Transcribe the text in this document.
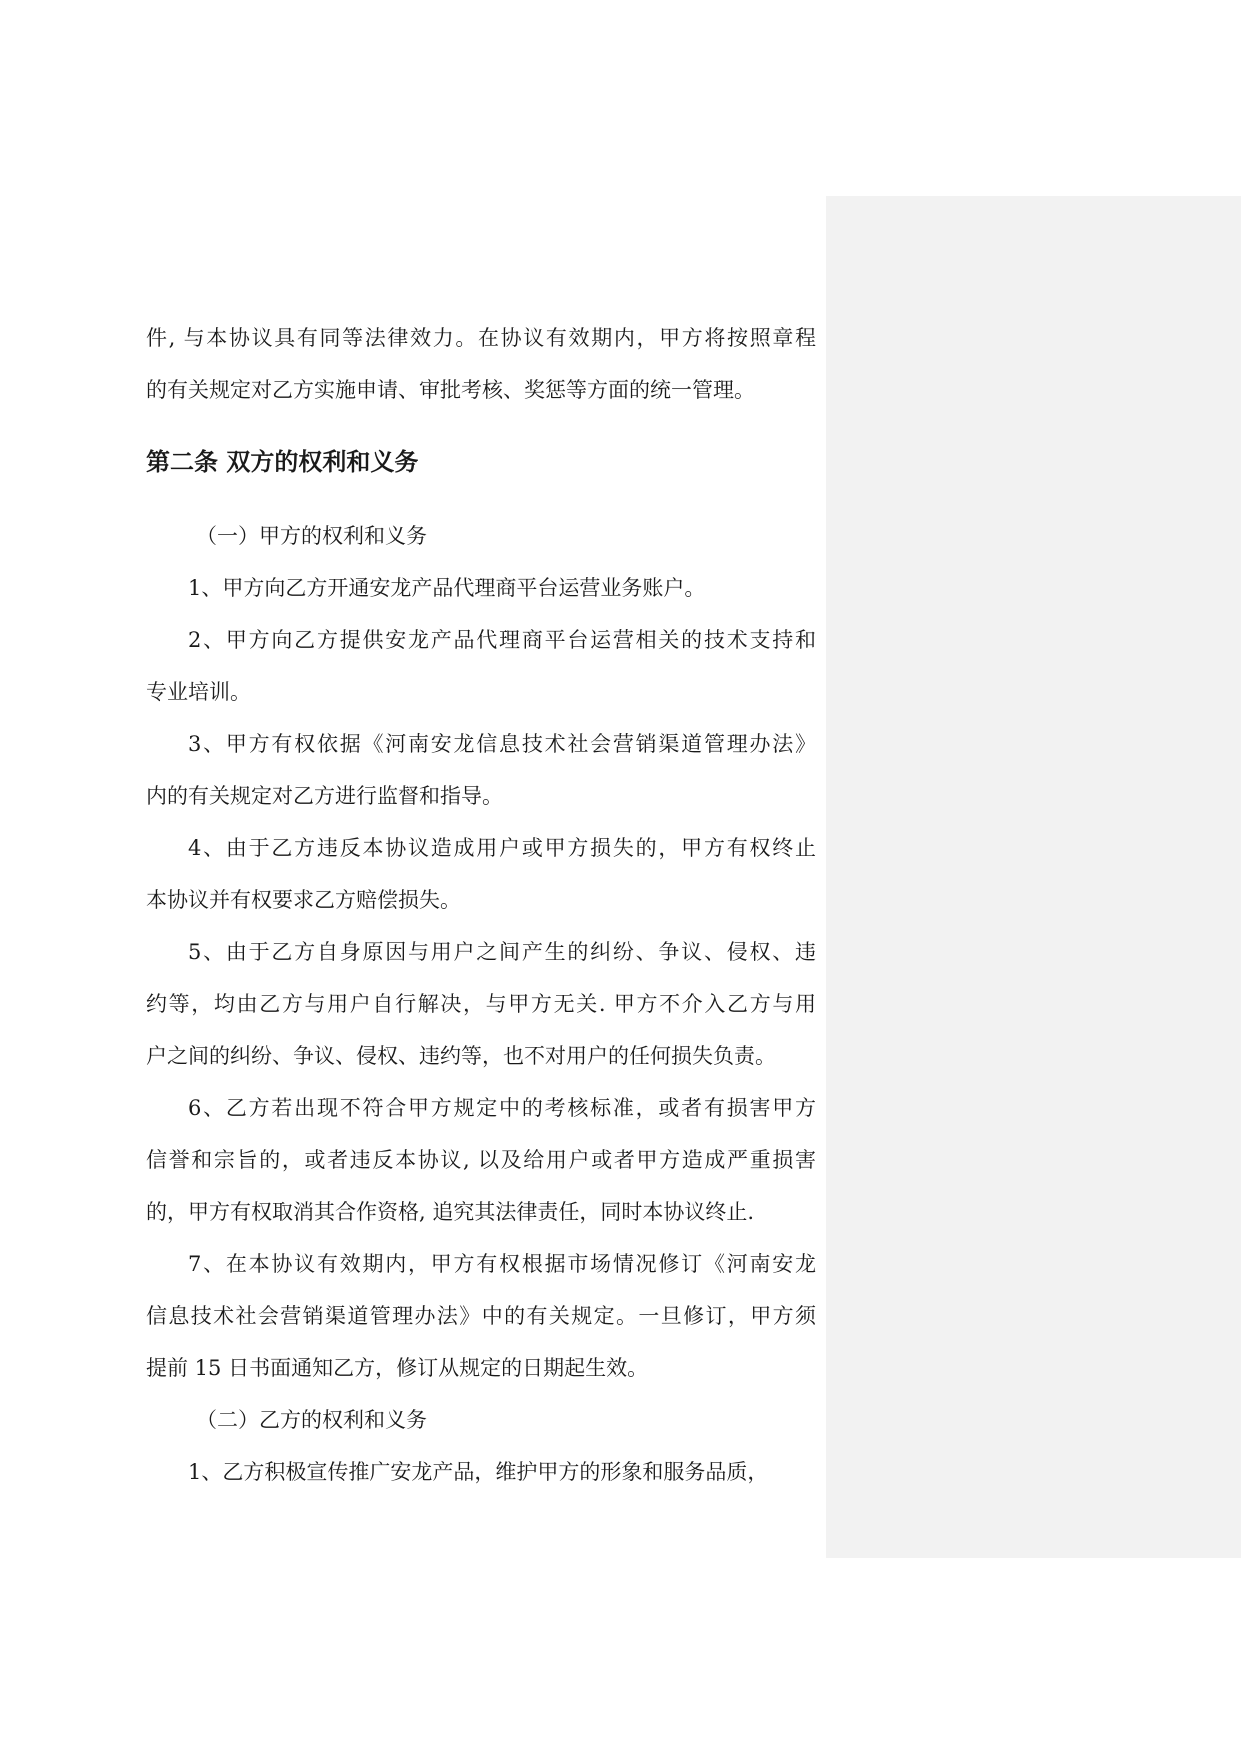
件, 与本协议具有同等法律效力。在协议有效期内，甲方将按照章程
的有关规定对乙方实施申请、审批考核、奖惩等方面的统一管理。
第二条 双方的权利和义务
（一）甲方的权利和义务
1、甲方向乙方开通安龙产品代理商平台运营业务账户。
2、甲方向乙方提供安龙产品代理商平台运营相关的技术支持和
专业培训。
3、甲方有权依据《河南安龙信息技术社会营销渠道管理办法》
内的有关规定对乙方进行监督和指导。
4、由于乙方违反本协议造成用户或甲方损失的，甲方有权终止
本协议并有权要求乙方赔偿损失。
5、由于乙方自身原因与用户之间产生的纠纷、争议、侵权、违
约等，均由乙方与用户自行解决，与甲方无关. 甲方不介入乙方与用
户之间的纠纷、争议、侵权、违约等，也不对用户的任何损失负责。
6、乙方若出现不符合甲方规定中的考核标准，或者有损害甲方
信誉和宗旨的，或者违反本协议, 以及给用户或者甲方造成严重损害
的，甲方有权取消其合作资格, 追究其法律责任，同时本协议终止.
7、在本协议有效期内，甲方有权根据市场情况修订《河南安龙
信息技术社会营销渠道管理办法》中的有关规定。一旦修订，甲方须
提前 15 日书面通知乙方，修订从规定的日期起生效。
（二）乙方的权利和义务
1、乙方积极宣传推广安龙产品，维护甲方的形象和服务品质，
